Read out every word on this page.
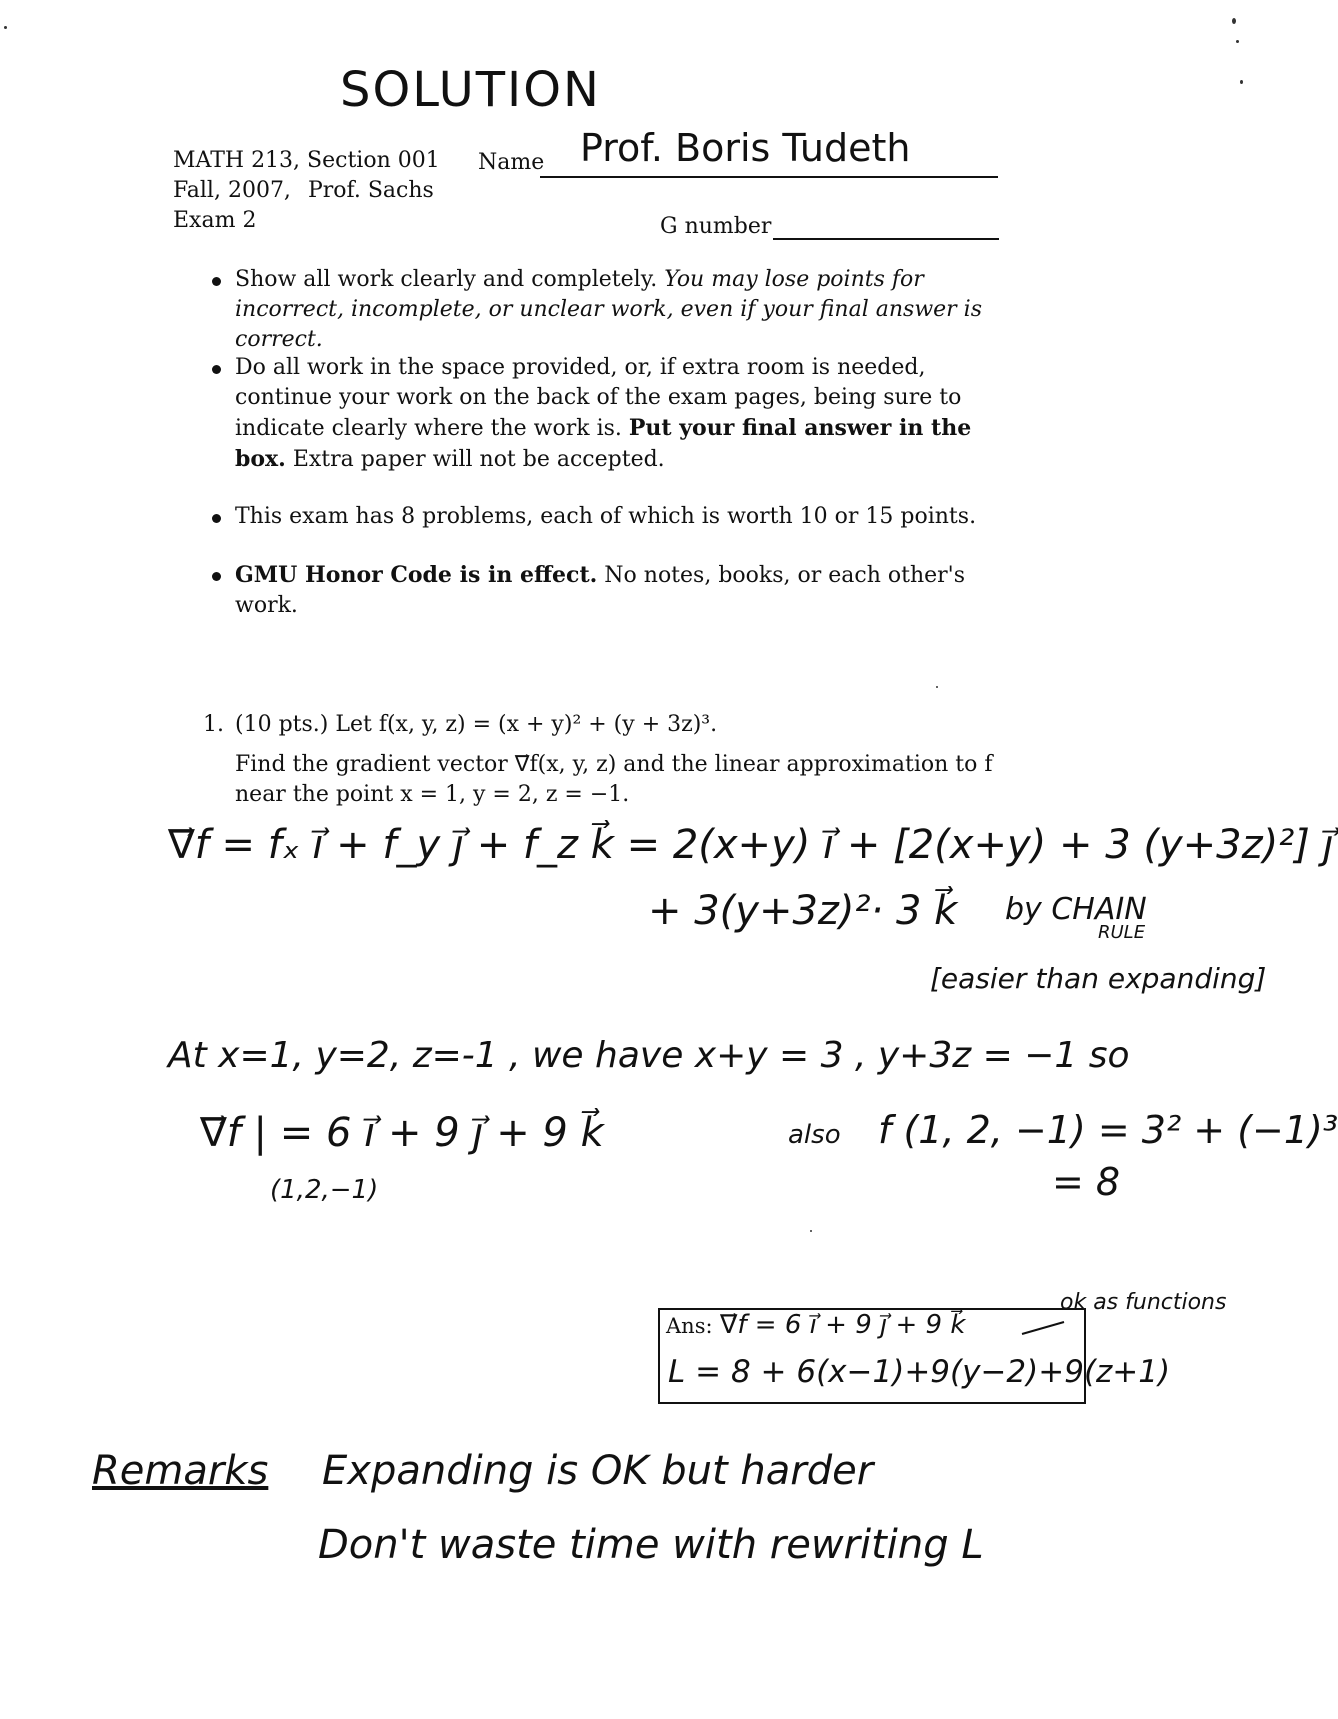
SOLUTION
MATH 213, Section 001
Fall, 2007, Prof. Sachs
Exam 2
Name Prof. Boris Tudeth
G number
Show all work clearly and completely. You may lose points for incorrect, incomplete, or unclear work, even if your final answer is correct.
Do all work in the space provided, or, if extra room is needed, continue your work on the back of the exam pages, being sure to indicate clearly where the work is. Put your final answer in the box. Extra paper will not be accepted.
This exam has 8 problems, each of which is worth 10 or 15 points.
GMU Honor Code is in effect. No notes, books, or each other's work.
1. (10 pts.) Let f(x, y, z) = (x + y)² + (y + 3z)³.
Find the gradient vector ∇⃗f(x, y, z) and the linear approximation to f
near the point x = 1, y = 2, z = −1.
∇⃗f = fₓ i⃗ + f_y j⃗ + f_z k⃗ = 2(x+y) i⃗ + [2(x+y) + 3 (y+3z)²] j⃗
+ 3(y+3z)²· 3 k⃗ by CHAIN
RULE
[easier than expanding]
At x=1, y=2, z=-1 , we have x+y = 3 , y+3z = −1 so
∇⃗f | = 6 i⃗ + 9 j⃗ + 9 k⃗
(1,2,−1)
also f (1, 2, −1) = 3² + (−1)³
= 8
ok as functions
Ans: ∇⃗f = 6 i⃗ + 9 j⃗ + 9 k⃗
L = 8 + 6(x−1)+9(y−2)+9(z+1)
Remarks Expanding is OK but harder
Don't waste time with rewriting L
